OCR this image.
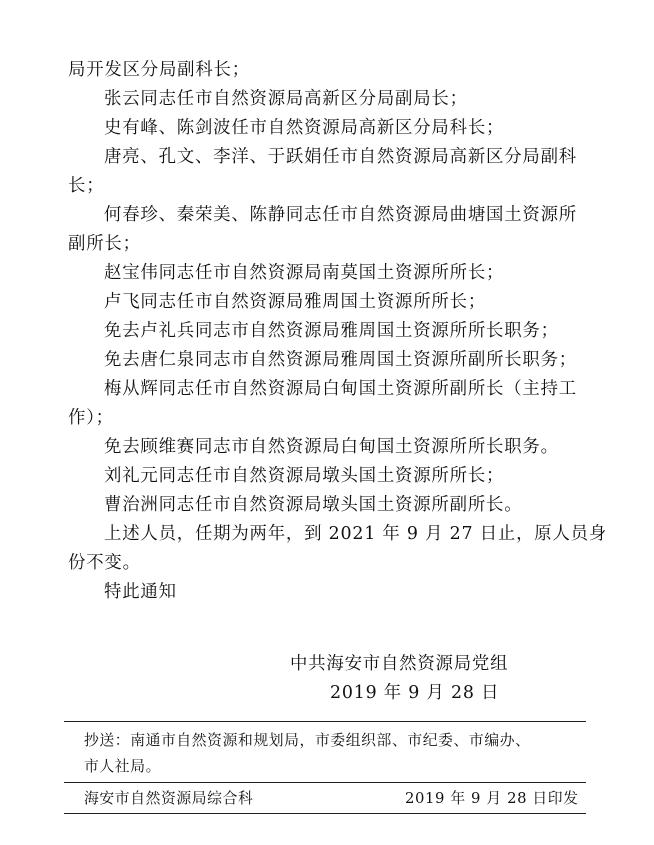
局开发区分局副科长；
张云同志任市自然资源局高新区分局副局长；
史有峰、陈剑波任市自然资源局高新区分局科长；
唐亮、孔文、李洋、于跃娟任市自然资源局高新区分局副科
长；
何春珍、秦荣美、陈静同志任市自然资源局曲塘国土资源所
副所长；
赵宝伟同志任市自然资源局南莫国土资源所所长；
卢飞同志任市自然资源局雅周国土资源所所长；
免去卢礼兵同志市自然资源局雅周国土资源所所长职务；
免去唐仁泉同志市自然资源局雅周国土资源所副所长职务；
梅从辉同志任市自然资源局白甸国土资源所副所长（主持工
作）；
免去顾维赛同志市自然资源局白甸国土资源所所长职务。
刘礼元同志任市自然资源局墩头国土资源所所长；
曹治洲同志任市自然资源局墩头国土资源所副所长。
上述人员，任期为两年，到 2021 年 9 月 27 日止，原人员身
份不变。
特此通知
中共海安市自然资源局党组
2019 年 9 月 28 日
抄送：南通市自然资源和规划局，市委组织部、市纪委、市编办、
市人社局。
海安市自然资源局综合科	2019 年 9 月 28 日印发
